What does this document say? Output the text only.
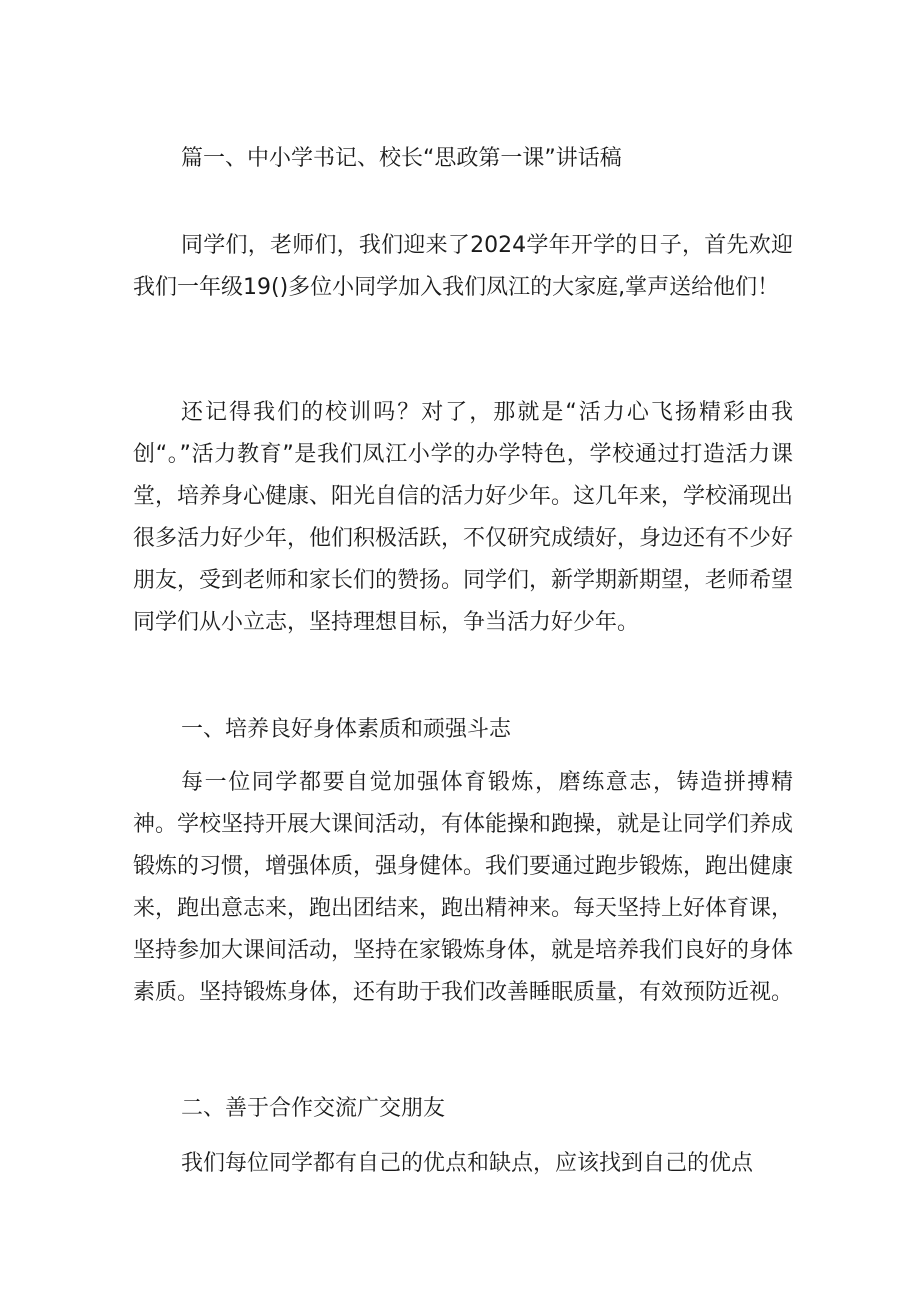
篇一、中小学书记、校长“思政第一课”讲话稿

同学们，老师们，我们迎来了2024学年开学的日子，首先欢迎我们一年级19()多位小同学加入我们凤江的大家庭,掌声送给他们！

还记得我们的校训吗？对了，那就是“活力心飞扬精彩由我创“。”活力教育”是我们凤江小学的办学特色，学校通过打造活力课堂，培养身心健康、阳光自信的活力好少年。这几年来，学校涌现出很多活力好少年，他们积极活跃，不仅研究成绩好，身边还有不少好朋友，受到老师和家长们的赞扬。同学们，新学期新期望，老师希望同学们从小立志，坚持理想目标，争当活力好少年。

一、培养良好身体素质和顽强斗志

每一位同学都要自觉加强体育锻炼，磨练意志，铸造拼搏精神。学校坚持开展大课间活动，有体能操和跑操，就是让同学们养成锻炼的习惯，增强体质，强身健体。我们要通过跑步锻炼，跑出健康来，跑出意志来，跑出团结来，跑出精神来。每天坚持上好体育课，坚持参加大课间活动，坚持在家锻炼身体，就是培养我们良好的身体素质。坚持锻炼身体，还有助于我们改善睡眠质量，有效预防近视。

二、善于合作交流广交朋友

我们每位同学都有自己的优点和缺点，应该找到自己的优点
